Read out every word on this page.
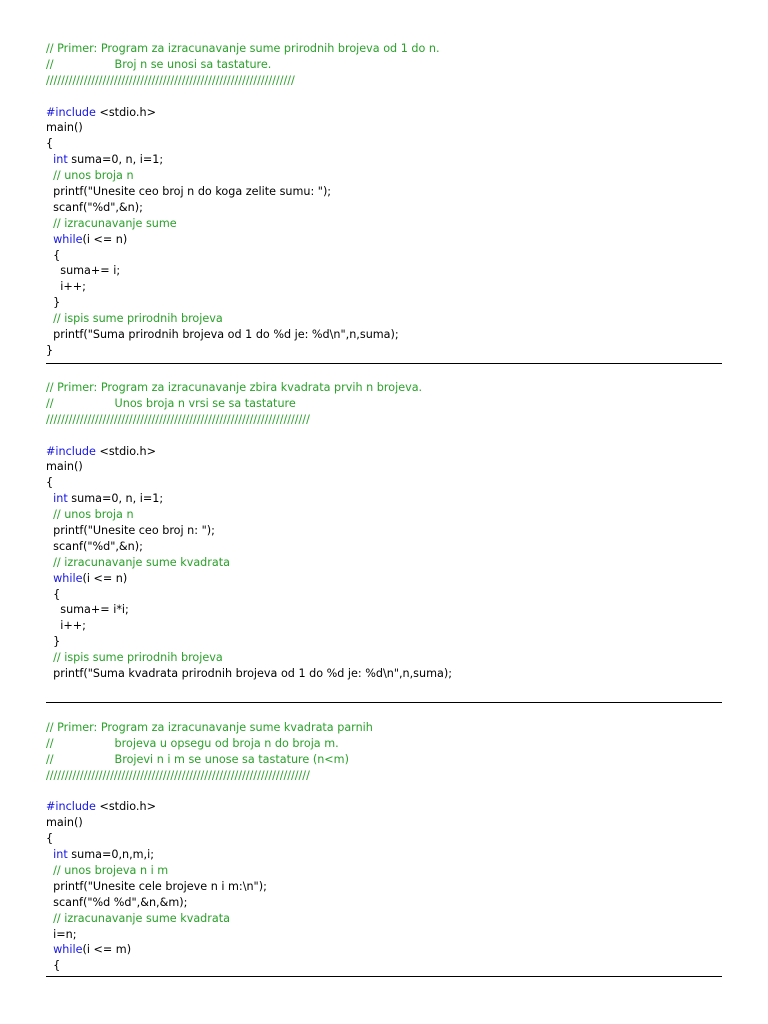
// Primer: Program za izracunavanje sume prirodnih brojeva od 1 do n.
//	Broj n se unosi sa tastature.
//////////////////////////////////////////////////////////////////
#include <stdio.h>
main()
{
int suma=0, n, i=1;
// unos broja n
printf("Unesite ceo broj n do koga zelite sumu: ");
scanf("%d",&n);
// izracunavanje sume
while(i <= n)
{
suma+= i;
i++;
}
// ispis sume prirodnih brojeva
printf("Suma prirodnih brojeva od 1 do %d je: %d\n",n,suma);
}
// Primer: Program za izracunavanje zbira kvadrata prvih n brojeva.
//	Unos broja n vrsi se sa tastature
//////////////////////////////////////////////////////////////////////
#include <stdio.h>
main()
{
int suma=0, n, i=1;
// unos broja n
printf("Unesite ceo broj n: ");
scanf("%d",&n);
// izracunavanje sume kvadrata
while(i <= n)
{
suma+= i*i;
i++;
}
// ispis sume prirodnih brojeva
printf("Suma kvadrata prirodnih brojeva od 1 do %d je: %d\n",n,suma);
// Primer: Program za izracunavanje sume kvadrata parnih
//	brojeva u opsegu od broja n do broja m.
//	Brojevi n i m se unose sa tastature (n<m)
//////////////////////////////////////////////////////////////////////
#include <stdio.h>
main()
{
int suma=0,n,m,i;
// unos brojeva n i m
printf("Unesite cele brojeve n i m:\n");
scanf("%d %d",&n,&m);
// izracunavanje sume kvadrata
i=n;
while(i <= m)
{
